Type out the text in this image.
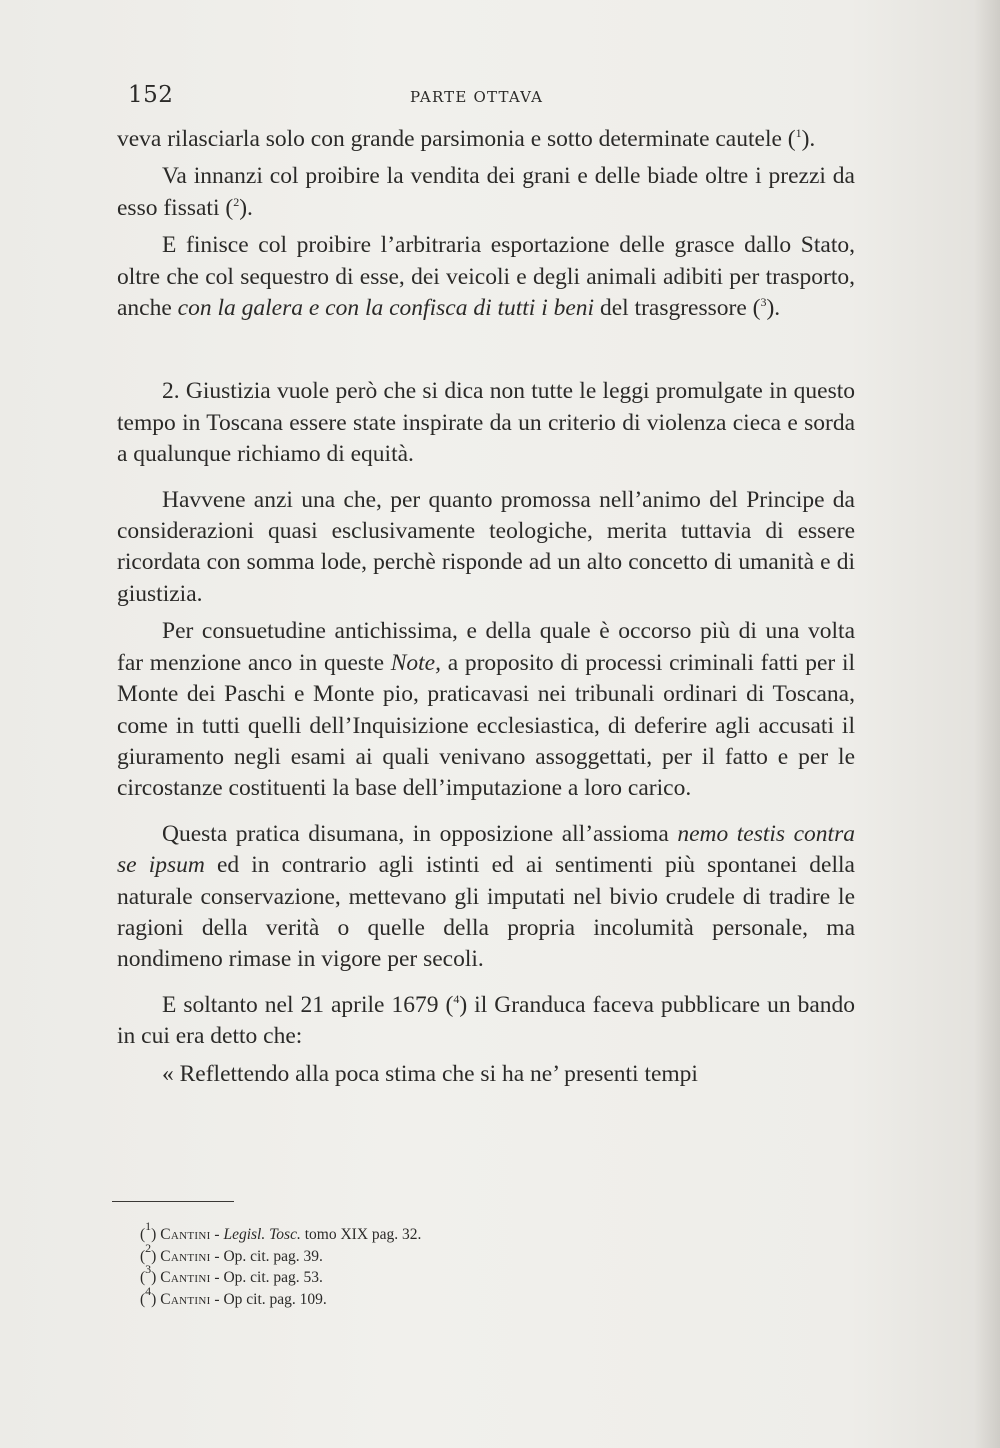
152	PARTE OTTAVA

veva rilasciarla solo con grande parsimonia e sotto determinate cautele ($^1$).

Va innanzi col proibire la vendita dei grani e delle biade oltre i prezzi da esso fissati ($^2$).

E finisce col proibire l’arbitraria esportazione delle grasce dallo Stato, oltre che col sequestro di esse, dei veicoli e degli animali adibiti per trasporto, anche con la galera e con la confisca di tutti i beni del trasgressore ($^3$).

2. Giustizia vuole però che si dica non tutte le leggi promulgate in questo tempo in Toscana essere state inspirate da un criterio di violenza cieca e sorda a qualunque richiamo di equità.

Havvene anzi una che, per quanto promossa nell’animo del Principe da considerazioni quasi esclusivamente teologiche, merita tuttavia di essere ricordata con somma lode, perchè risponde ad un alto concetto di umanità e di giustizia.

Per consuetudine antichissima, e della quale è occorso più di una volta far menzione anco in queste Note, a proposito di processi criminali fatti per il Monte dei Paschi e Monte pio, praticavasi nei tribunali ordinari di Toscana, come in tutti quelli dell’Inquisizione ecclesiastica, di deferire agli accusati il giuramento negli esami ai quali venivano assoggettati, per il fatto e per le circostanze costituenti la base dell’imputazione a loro carico.

Questa pratica disumana, in opposizione all’assioma nemo testis contra se ipsum ed in contrario agli istinti ed ai sentimenti più spontanei della naturale conservazione, mettevano gli imputati nel bivio crudele di tradire le ragioni della verità o quelle della propria incolumità personale, ma nondimeno rimase in vigore per secoli.

E soltanto nel 21 aprile 1679 ($^4$) il Granduca faceva pubblicare un bando in cui era detto che:

« Reflettendo alla poca stima che si ha ne’ presenti tempi

($^1$) Cantini - Legisl. Tosc. tomo XIX pag. 32.
($^2$) Cantini - Op. cit. pag. 39.
($^3$) Cantini - Op. cit. pag. 53.
($^4$) Cantini - Op cit. pag. 109.
